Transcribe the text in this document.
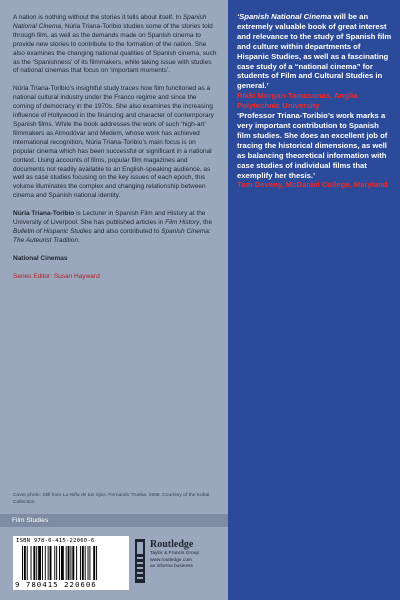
A nation is nothing without the stories it tells about itself. In Spanish National Cinema, Núria Triana-Toribio studies some of the stories told through film, as well as the demands made on Spanish cinema to provide new stories to contribute to the formation of the nation. She also examines the changing national qualities of Spanish cinema, such as the ‘Spanishness’ of its filmmakers, while taking issue with studies of national cinemas that focus on ‘important moments’.

Núria Triana-Toribio’s insightful study traces how film functioned as a national cultural industry under the Franco regime and since the coming of democracy in the 1970s. She also examines the increasing influence of Hollywood in the financing and character of contemporary Spanish films. While the book addresses the work of such ‘high-art’ filmmakers as Almodóvar and Medem, whose work has achieved international recognition, Núria Triana-Toribio’s main focus is on popular cinema which has been successful or significant in a national context. Using accounts of films, popular film magazines and documents not readily available to an English-speaking audience, as well as case studies focusing on the key issues of each epoch, this volume illuminates the complex and changing relationship between cinema and Spanish national identity.

Núria Triana-Toribio is Lecturer in Spanish Film and History at the University of Liverpool. She has published articles in Film History, the Bulletin of Hispanic Studies and also contributed to Spanish Cinema: The Auteurist Tradition.

National Cinemas

Series Editor: Susan Hayward

Cover photo: Still from La Niña de tus Ojos, Fernando Trueba, 1998. Courtesy of the Kobal Collection.
Film Studies
ISBN 978-0-415-22060-6
9 780415 220606
Routledge
Taylor & Francis Group
www.routledge.com
an informa business

‘Spanish National Cinema will be an extremely valuable book of great interest and relevance to the study of Spanish film and culture within departments of Hispanic Studies, as well as a fascinating case study of a “national cinema” for students of Film and Cultural Studies in general.’

Rikki Morgan-Tamosunas, Anglia Polytechnic University

‘Professor Triana-Toribio’s work marks a very important contribution to Spanish film studies. She does an excellent job of tracing the historical dimensions, as well as balancing theoretical information with case studies of individual films that exemplify her thesis.’

Tom Deveny, McDaniel College, Maryland
